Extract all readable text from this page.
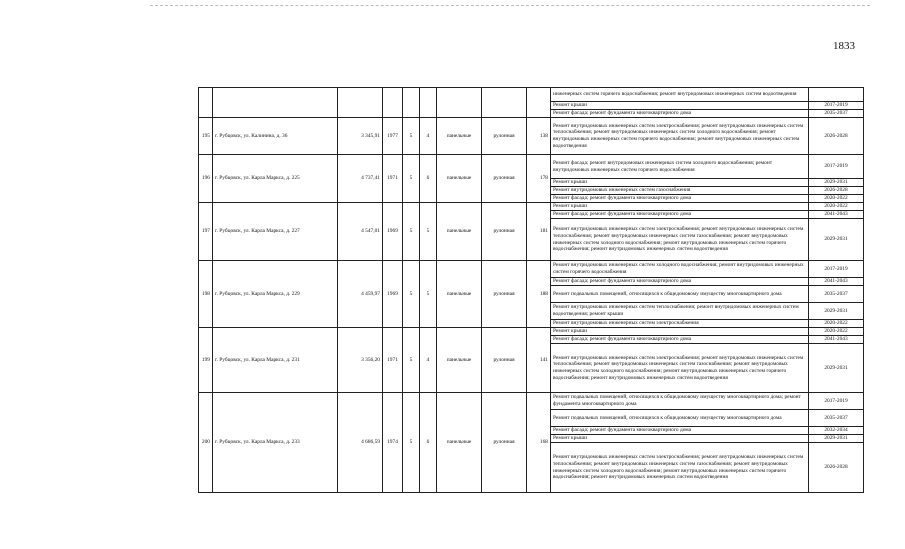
1833
									инженерных систем горячего водоснабжения; ремонт внутридомовых инженерных систем водоотведения	
									Ремонт крыши	2017-2019
									Ремонт фасада; ремонт фундамента многоквартирного дома	2035-2037
195	г. Рубцовск, ул. Калинина, д. 36	3 345,91	1977	5	4	панельные	рулонная	138	Ремонт внутридомовых инженерных систем электроснабжения; ремонт внутридомовых инженерных систем теплоснабжения; ремонт внутридомовых инженерных систем холодного водоснабжения; ремонт внутридомовых инженерных систем горячего водоснабжения; ремонт внутридомовых инженерных систем водоотведения	2026-2028
196	г. Рубцовск, ул. Карла Маркса, д. 225	4 737,41	1971	5	6	панельные	рулонная	178	Ремонт фасада; ремонт внутридомовых инженерных систем холодного водоснабжения; ремонт внутридомовых инженерных систем горячего водоснабжения	2017-2019
									Ремонт крыши	2029-2031
									Ремонт внутридомовых инженерных систем газоснабжения	2026-2028
									Ремонт фасада; ремонт фундамента многоквартирного дома	2020-2022
197	г. Рубцовск, ул. Карла Маркса, д. 227	4 547,01	1969	5	5	панельные	рулонная	181	Ремонт крыши	2020-2022
									Ремонт фасада; ремонт фундамента многоквартирного дома	2041-2043
									Ремонт внутридомовых инженерных систем электроснабжения; ремонт внутридомовых инженерных систем теплоснабжения; ремонт внутридомовых инженерных систем газоснабжения; ремонт внутридомовых инженерных систем холодного водоснабжения; ремонт внутридомовых инженерных систем горячего водоснабжения; ремонт внутридомовых инженерных систем водоотведения	2029-2031
198	г. Рубцовск, ул. Карла Маркса, д. 229	4 459,97	1969	5	5	панельные	рулонная	188	Ремонт внутридомовых инженерных систем холодного водоснабжения; ремонт внутридомовых инженерных систем горячего водоснабжения	2017-2019
									Ремонт фасада; ремонт фундамента многоквартирного дома	2041-2043
									Ремонт подвальных помещений, относящихся к общедомовому имуществу многоквартирного дома	2035-2037
									Ремонт внутридомовых инженерных систем теплоснабжения; ремонт внутридомовых инженерных систем водоотведения; ремонт крыши	2029-2031
									Ремонт внутридомовых инженерных систем электроснабжения	2020-2022
199	г. Рубцовск, ул. Карла Маркса, д. 231	3 356,20	1971	5	4	панельные	рулонная	141	Ремонт крыши	2020-2022
									Ремонт фасада; ремонт фундамента многоквартирного дома	2041-2043
									Ремонт внутридомовых инженерных систем электроснабжения; ремонт внутридомовых инженерных систем теплоснабжения; ремонт внутридомовых инженерных систем газоснабжения; ремонт внутридомовых инженерных систем холодного водоснабжения; ремонт внутридомовых инженерных систем горячего водоснабжения; ремонт внутридомовых инженерных систем водоотведения	2029-2031
200	г. Рубцовск, ул. Карла Маркса, д. 233	4 686,59	1974	5	6	панельные	рулонная	168	Ремонт подвальных помещений, относящихся к общедомовому имуществу многоквартирного дома; ремонт фундамента многоквартирного дома	2017-2019
									Ремонт подвальных помещений, относящихся к общедомовому имуществу многоквартирного дома	2035-2037
									Ремонт фасада; ремонт фундамента многоквартирного дома	2032-2034
									Ремонт крыши	2029-2031
									Ремонт внутридомовых инженерных систем электроснабжения; ремонт внутридомовых инженерных систем теплоснабжения; ремонт внутридомовых инженерных систем газоснабжения; ремонт внутридомовых инженерных систем холодного водоснабжения; ремонт внутридомовых инженерных систем горячего водоснабжения; ремонт внутридомовых инженерных систем водоотведения	2026-2028
